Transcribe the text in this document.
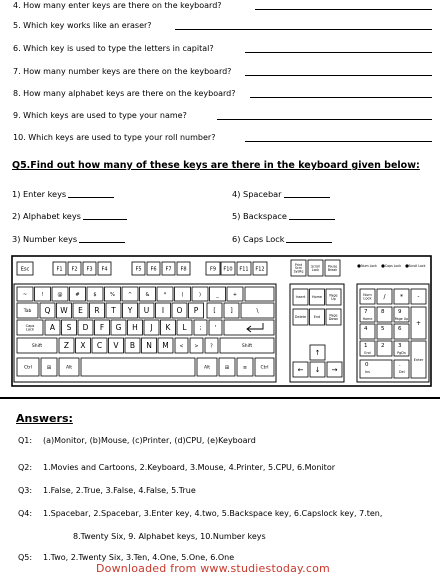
4. How many enter keys are there on the keyboard?
5. Which key works like an eraser?
6. Which key is used to type the letters in capital?
7. How many number keys are there on the keyboard?
8. How many alphabet keys are there on the keyboard?
9. Which keys are used to type your name?
10. Which keys are used to type your roll number?
Q5.Find out how many of these keys are there in the keyboard given below:
1) Enter keys	4) Spacebar
2) Alphabet keys	5) Backspace
3) Number keys	6) Caps Lock
Esc	F1 F2 F3 F4	F5 F6 F7 F8	F9 F10 F11 F12
Print
Scrn
SysRq
Scroll
Lock
Pause
Break
Num Lock	Caps Lock Scroll Lock
~	!	@	#	$	%	^	&	*	(	)	_	+
Tab Q W E R T Y U I O P	[ ]	\
Caps
Lock A S D F G H J K L ; '
Shift	Z X C V B N M < > ?	Shift
Ctrl	⊞	Alt	Alt	⊞	≡	Ctrl
Insert Home Page
Up
Delete End	Page
Down
↑
← ↓ →
Num
Lock / * -
7
Home
8 9
Page Up
4 5 6
1
End
2 3
PgDn
+
Enter
0
Ins
.
Del
Answers:
Q1: (a)Monitor, (b)Mouse, (c)Printer, (d)CPU, (e)Keyboard
Q2: 1.Movies and Cartoons, 2.Keyboard, 3.Mouse, 4.Printer, 5.CPU, 6.Monitor
Q3: 1.False, 2.True, 3.False, 4.False, 5.True
Q4: 1.Spacebar, 2.Spacebar, 3.Enter key, 4.two, 5.Backspace key, 6.Capslock key, 7.ten,
8.Twenty Six, 9. Alphabet keys, 10.Number keys
Q5: 1.Two, 2.Twenty Six, 3.Ten, 4.One, 5.One, 6.One
Downloaded from www.studiestoday.com
